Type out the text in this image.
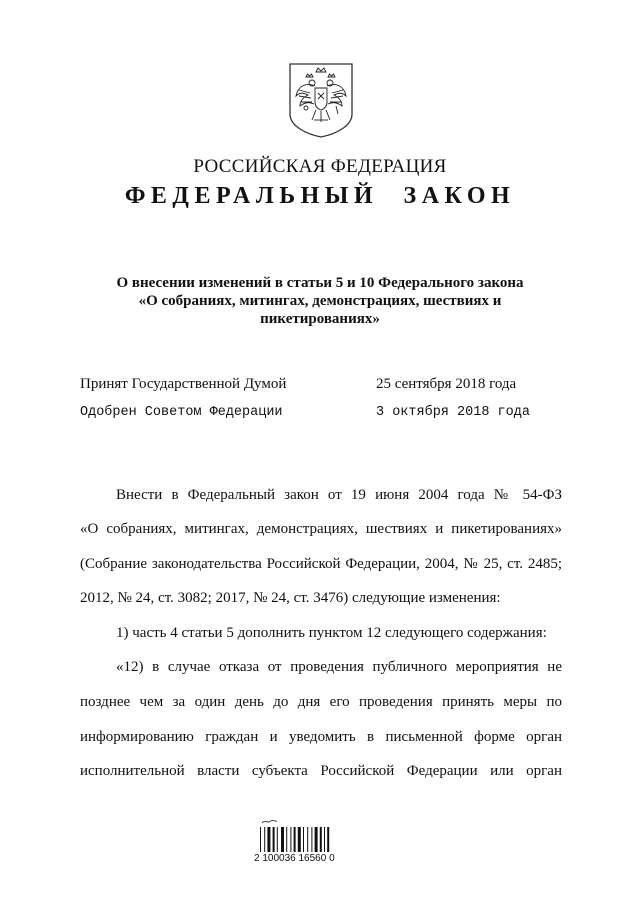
РОССИЙСКАЯ ФЕДЕРАЦИЯ
ФЕДЕРАЛЬНЫЙ ЗАКОН
О внесении изменений в статьи 5 и 10 Федерального закона
«О собраниях, митингах, демонстрациях, шествиях и
пикетированиях»
Принят Государственной Думой	25 сентября 2018 года
Одобрен Советом Федерации	3 октября 2018 года
Внести в Федеральный закон от 19 июня 2004 года № 54-ФЗ
«О собраниях, митингах, демонстрациях, шествиях и пикетированиях»
(Собрание законодательства Российской Федерации, 2004, № 25, ст. 2485;
2012, № 24, ст. 3082; 2017, № 24, ст. 3476) следующие изменения:
1) часть 4 статьи 5 дополнить пунктом 12 следующего содержания:
«12) в случае отказа от проведения публичного мероприятия не
позднее чем за один день до дня его проведения принять меры по
информированию граждан и уведомить в письменной форме орган
исполнительной власти субъекта Российской Федерации или орган
2 100036 16560 0
